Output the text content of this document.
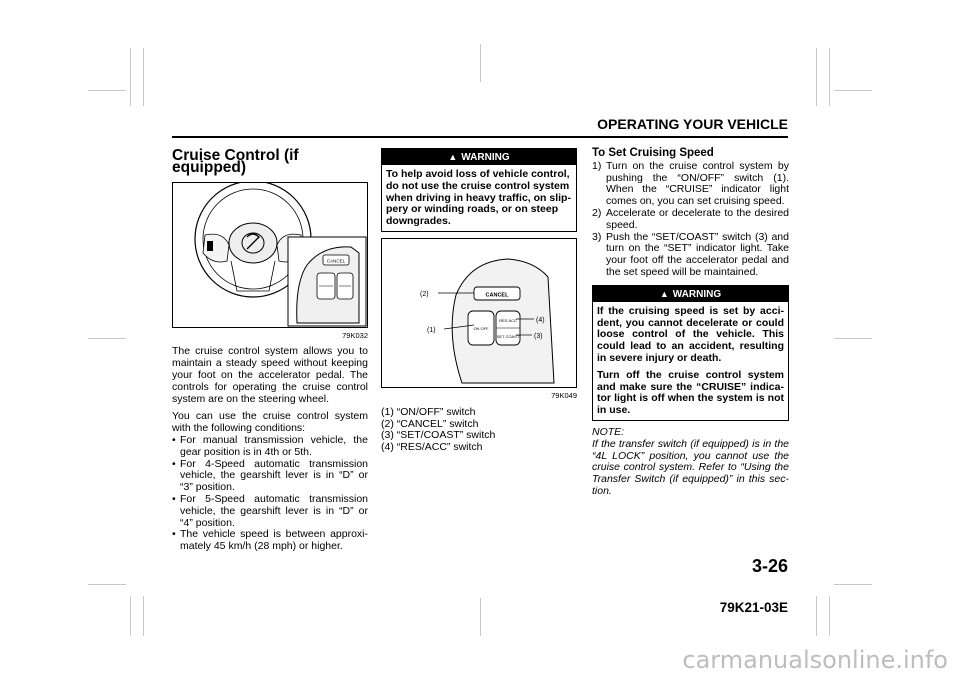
OPERATING YOUR VEHICLE
Cruise Control (if equipped)
CANCEL
79K032

The cruise control system allows you to maintain a steady speed without keeping your foot on the accelerator pedal. The controls for operating the cruise control system are on the steering wheel.

You can use the cruise control system with the following conditions:

• For manual transmission vehicle, the gear position is in 4th or 5th.
• For 4-Speed automatic transmission vehicle, the gearshift lever is in “D” or “3” position.
• For 5-Speed automatic transmission vehicle, the gearshift lever is in “D” or “4” position.
• The vehicle speed is between approxi-mately 45 km/h (28 mph) or higher.
▲ WARNING
To help avoid loss of vehicle control, do not use the cruise control system when driving in heavy traffic, on slip-pery or winding roads, or on steep downgrades.
CANCEL
ON OFF
RES ACC
SET COAST
(2)
(1)
(4)
(3)
79K049
(1) “ON/OFF” switch
(2) “CANCEL” switch
(3) “SET/COAST” switch
(4) “RES/ACC” switch
To Set Cruising Speed
1) Turn on the cruise control system by pushing the “ON/OFF” switch (1). When the “CRUISE” indicator light comes on, you can set cruising speed.
2) Accelerate or decelerate to the desired speed.
3) Push the “SET/COAST” switch (3) and turn on the “SET” indicator light. Take your foot off the accelerator pedal and the set speed will be maintained.
▲ WARNING

If the cruising speed is set by acci-dent, you cannot decelerate or could loose control of the vehicle. This could lead to an accident, resulting in severe injury or death.

Turn off the cruise control system and make sure the “CRUISE” indica-tor light is off when the system is not in use.

NOTE:
If the transfer switch (if equipped) is in the “4L LOCK” position, you cannot use the cruise control system. Refer to “Using the Transfer Switch (if equipped)” in this sec-tion.
3-26
79K21-03E
carmanualsonline.info
